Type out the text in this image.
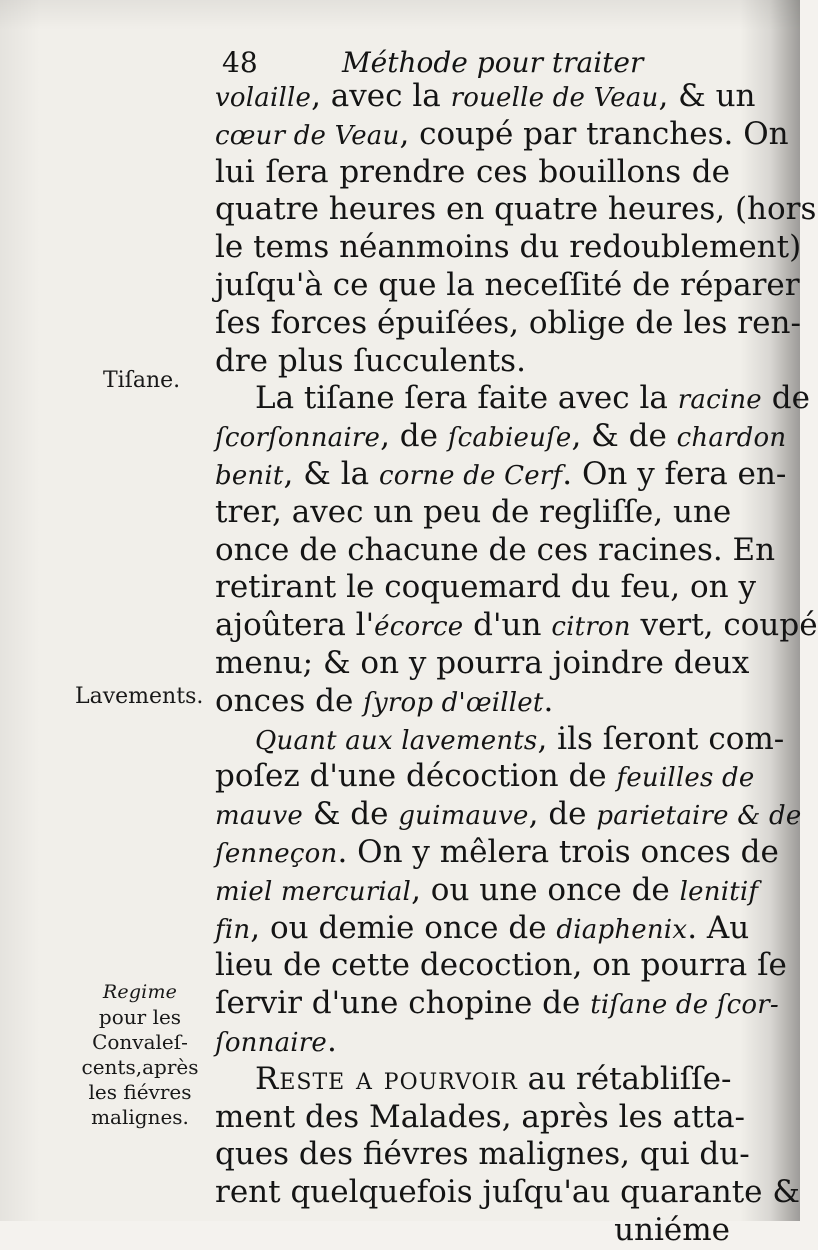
48	Méthode pour traiter
Tiſane.
Lavements.
Regime
pour les
Convaleſ-
cents,après
les fiévres
malignes.
volaille, avec la rouelle de Veau, & un
cœur de Veau, coupé par tranches. On
lui ſera prendre ces bouillons de
quatre heures en quatre heures, (hors
le tems néanmoins du redoublement)
juſqu'à ce que la neceſſité de réparer
ſes forces épuiſées, oblige de les ren-
dre plus ſucculents.
La tiſane ſera faite avec la racine de
ſcorſonnaire, de ſcabieuſe, & de chardon
benit, & la corne de Cerf. On y fera en-
trer, avec un peu de regliſſe, une
once de chacune de ces racines. En
retirant le coquemard du feu, on y
ajoûtera l'écorce d'un citron vert, coupé
menu; & on y pourra joindre deux
onces de ſyrop d'œillet.
Quant aux lavements, ils ſeront com-
poſez d'une décoction de feuilles de
mauve & de guimauve, de parietaire & de
ſenneçon. On y mêlera trois onces de
miel mercurial, ou une once de lenitif
fin, ou demie once de diaphenix. Au
lieu de cette decoction, on pourra ſe
ſervir d'une chopine de tiſane de ſcor-
ſonnaire.
Reste a pourvoir au rétabliſſe-
ment des Malades, après les atta-
ques des fiévres malignes, qui du-
rent quelquefois juſqu'au quarante &
uniéme
